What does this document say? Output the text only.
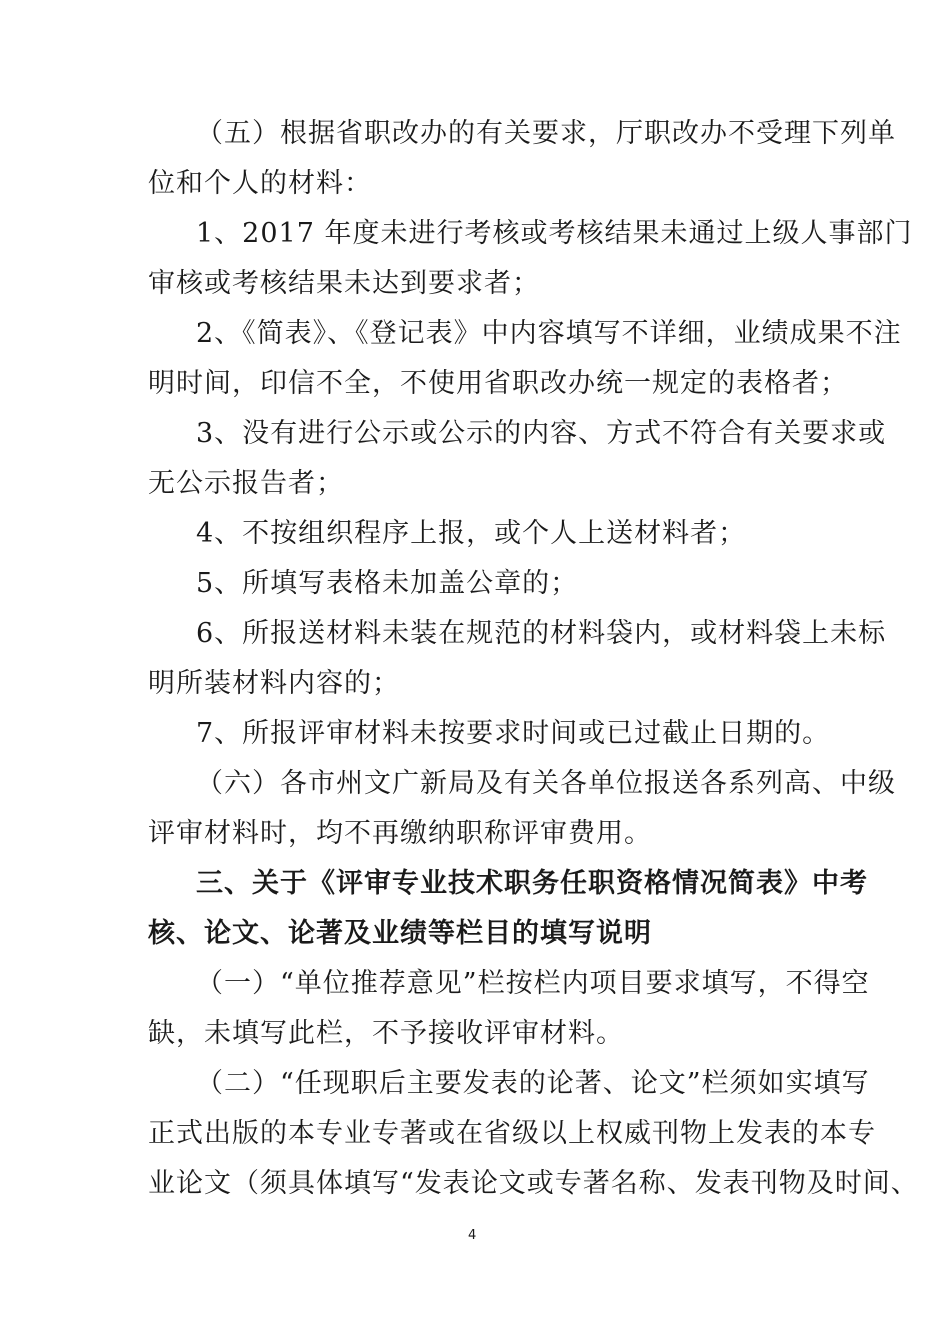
（五）根据省职改办的有关要求，厅职改办不受理下列单
位和个人的材料：
1、2017 年度未进行考核或考核结果未通过上级人事部门
审核或考核结果未达到要求者；
2、《简表》、《登记表》中内容填写不详细，业绩成果不注
明时间，印信不全，不使用省职改办统一规定的表格者；
3、没有进行公示或公示的内容、方式不符合有关要求或
无公示报告者；
4、不按组织程序上报，或个人上送材料者；
5、所填写表格未加盖公章的；
6、所报送材料未装在规范的材料袋内，或材料袋上未标
明所装材料内容的；
7、所报评审材料未按要求时间或已过截止日期的。
（六）各市州文广新局及有关各单位报送各系列高、中级
评审材料时，均不再缴纳职称评审费用。
三、关于《评审专业技术职务任职资格情况简表》中考
核、论文、论著及业绩等栏目的填写说明
（一）“单位推荐意见”栏按栏内项目要求填写，不得空
缺，未填写此栏，不予接收评审材料。
（二）“任现职后主要发表的论著、论文”栏须如实填写
正式出版的本专业专著或在省级以上权威刊物上发表的本专
业论文（须具体填写“发表论文或专著名称、发表刊物及时间、
4
